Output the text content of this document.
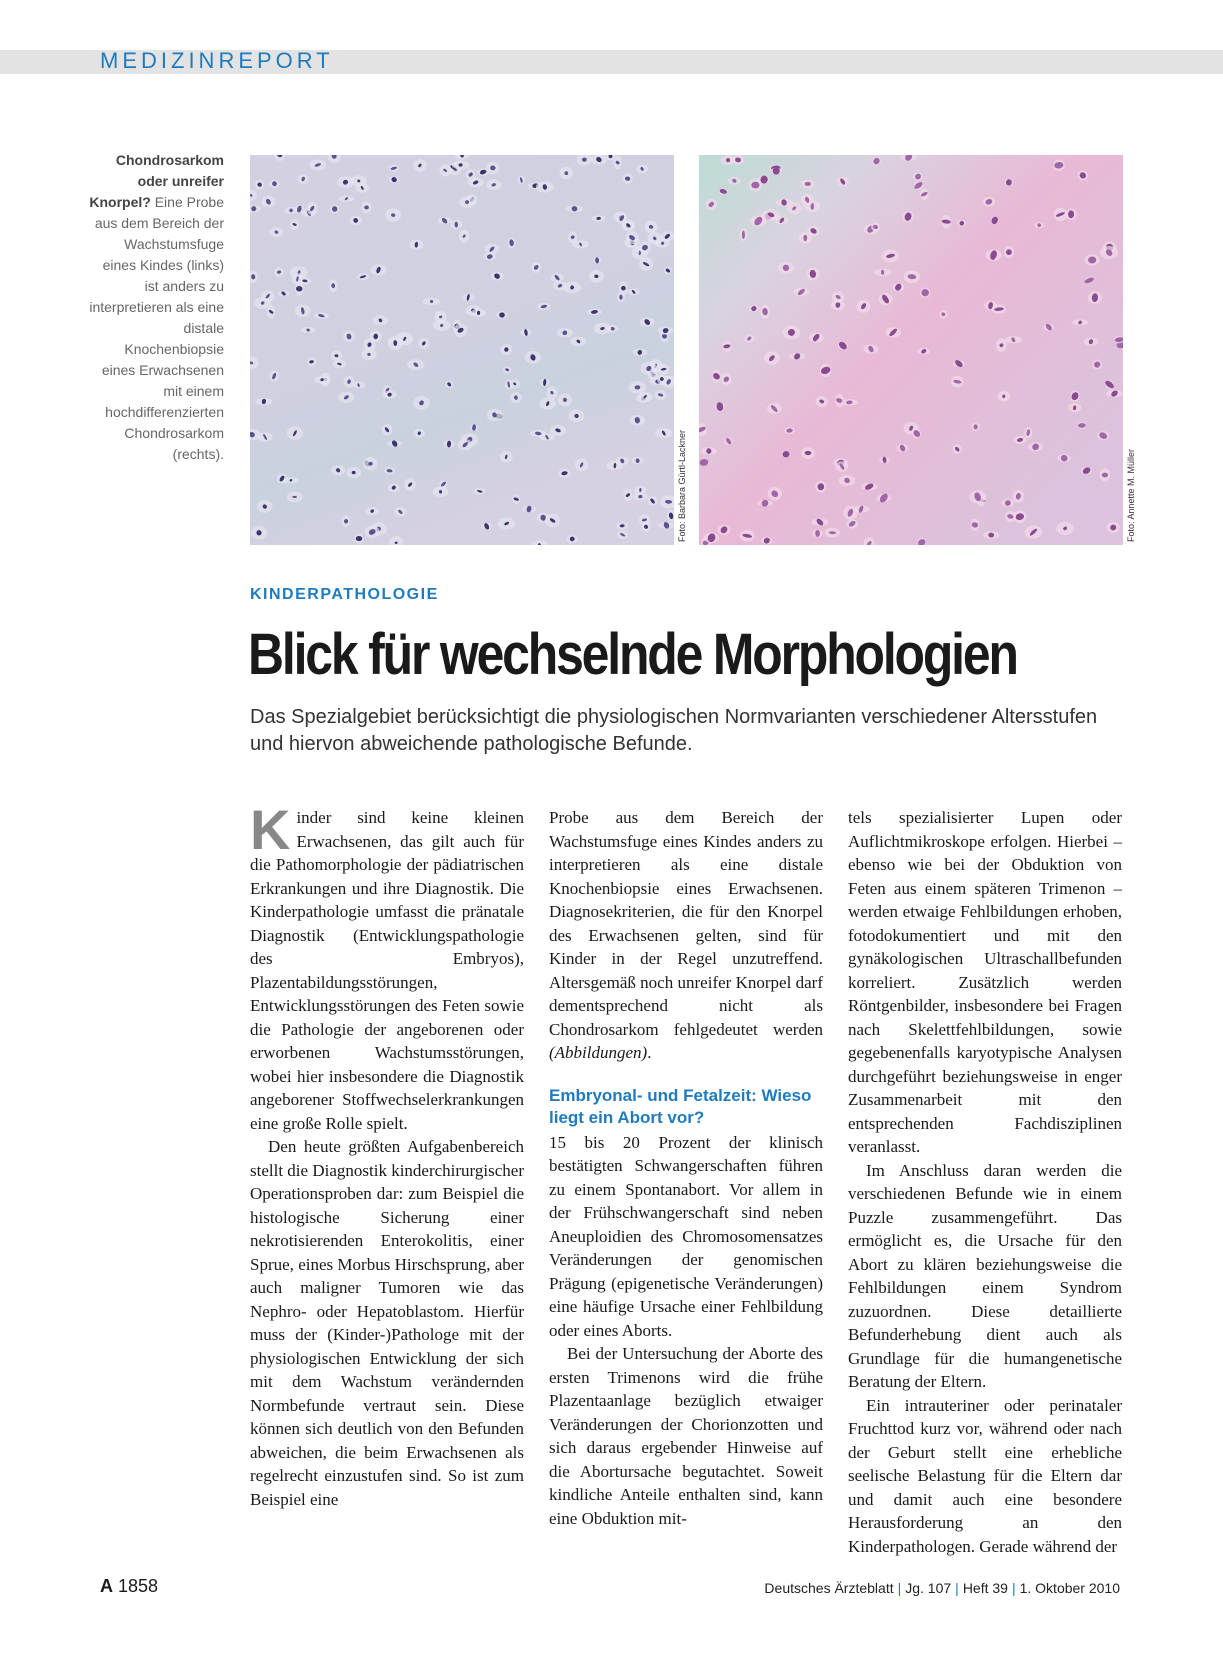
MEDIZINREPORT
Chondrosarkom oder unreifer Knorpel? Eine Probe aus dem Bereich der Wachstumsfuge eines Kindes (links) ist anders zu interpretieren als eine distale Knochenbiopsie eines Erwachsenen mit einem hochdifferenzierten Chondrosarkom (rechts).	Foto: Barbara Gürtl-Lackner	Foto: Annette M. Müller
KINDERPATHOLOGIE
Blick für wechselnde Morphologien
Das Spezialgebiet berücksichtigt die physiologischen Normvarianten verschiedener Altersstufen und hiervon abweichende pathologische Befunde.

Kinder sind keine kleinen Erwachsenen, das gilt auch für die Pathomorphologie der pädiatrischen Erkrankungen und ihre Diagnostik. Die Kinderpathologie umfasst die pränatale Diagnostik (Entwicklungspathologie des Embryos), Plazentabildungsstörungen, Entwicklungsstörungen des Feten sowie die Pathologie der angeborenen oder erworbenen Wachstumsstörungen, wobei hier insbesondere die Diagnostik angeborener Stoffwechselerkrankungen eine große Rolle spielt.

Den heute größten Aufgabenbereich stellt die Diagnostik kinderchirurgischer Operationsproben dar: zum Beispiel die histologische Sicherung einer nekrotisierenden Enterokolitis, einer Sprue, eines Morbus Hirschsprung, aber auch maligner Tumoren wie das Nephro- oder Hepatoblastom. Hierfür muss der (Kinder-)Pathologe mit der physiologischen Entwicklung der sich mit dem Wachstum verändernden Normbefunde vertraut sein. Diese können sich deutlich von den Befunden abweichen, die beim Erwachsenen als regelrecht einzustufen sind. So ist zum Beispiel eine

Probe aus dem Bereich der Wachstumsfuge eines Kindes anders zu interpretieren als eine distale Knochenbiopsie eines Erwachsenen. Diagnosekriterien, die für den Knorpel des Erwachsenen gelten, sind für Kinder in der Regel unzutreffend. Altersgemäß noch unreifer Knorpel darf dementsprechend nicht als Chondrosarkom fehlgedeutet werden (Abbildungen).

Embryonal- und Fetalzeit: Wieso liegt ein Abort vor?

15 bis 20 Prozent der klinisch bestätigten Schwangerschaften führen zu einem Spontanabort. Vor allem in der Frühschwangerschaft sind neben Aneuploidien des Chromosomensatzes Veränderungen der genomischen Prägung (epigenetische Veränderungen) eine häufige Ursache einer Fehlbildung oder eines Aborts.

Bei der Untersuchung der Aborte des ersten Trimenons wird die frühe Plazentaanlage bezüglich etwaiger Veränderungen der Chorionzotten und sich daraus ergebender Hinweise auf die Abortursache begutachtet. Soweit kindliche Anteile enthalten sind, kann eine Obduktion mit-

tels spezialisierter Lupen oder Auflichtmikroskope erfolgen. Hierbei – ebenso wie bei der Obduktion von Feten aus einem späteren Trimenon – werden etwaige Fehlbildungen erhoben, fotodokumentiert und mit den gynäkologischen Ultraschallbefunden korreliert. Zusätzlich werden Röntgenbilder, insbesondere bei Fragen nach Skelettfehlbildungen, sowie gegebenenfalls karyotypische Analysen durchgeführt beziehungsweise in enger Zusammenarbeit mit den entsprechenden Fachdisziplinen veranlasst.

Im Anschluss daran werden die verschiedenen Befunde wie in einem Puzzle zusammengeführt. Das ermöglicht es, die Ursache für den Abort zu klären beziehungsweise die Fehlbildungen einem Syndrom zuzuordnen. Diese detaillierte Befunderhebung dient auch als Grundlage für die humangenetische Beratung der Eltern.

Ein intrauteriner oder perinataler Fruchttod kurz vor, während oder nach der Geburt stellt eine erhebliche seelische Belastung für die Eltern dar und damit auch eine besondere Herausforderung an den Kinderpathologen. Gerade während der

A 1858	Deutsches Ärzteblatt | Jg. 107 | Heft 39 | 1. Oktober 2010
